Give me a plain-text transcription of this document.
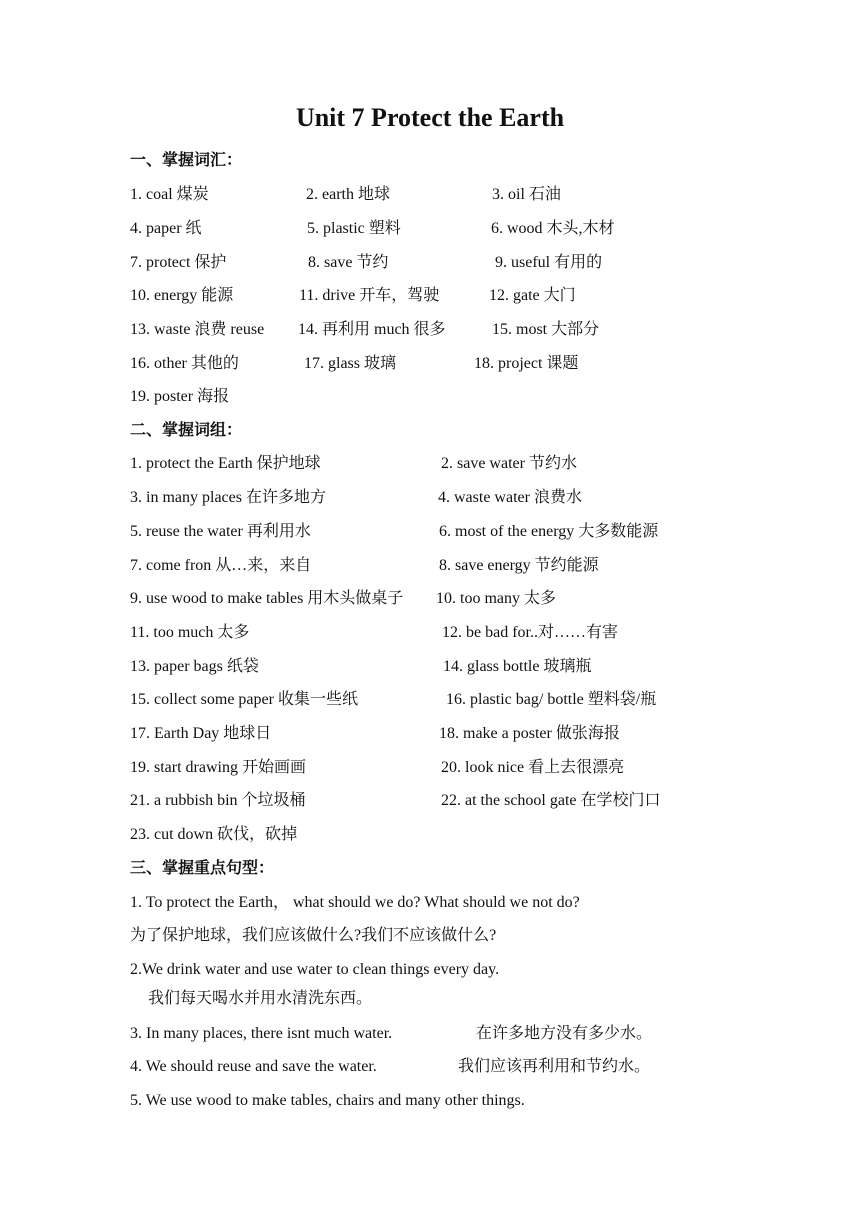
Unit 7 Protect the Earth
一、掌握词汇：
1. coal 煤炭	2. earth 地球	3. oil 石油
4. paper 纸	5. plastic 塑料	6. wood 木头,木材
7. protect 保护	8. save 节约	9. useful 有用的
10. energy 能源	11. drive 开车，驾驶	12. gate 大门
13. waste 浪费 reuse 14. 再利用 much 很多	15. most 大部分
16. other 其他的	17. glass 玻璃	18. project 课题
19. poster 海报
二、掌握词组：
1. protect the Earth 保护地球	2. save water 节约水
3. in many places 在许多地方	4. waste water 浪费水
5. reuse the water 再利用水	6. most of the energy 大多数能源
7. come fron 从…来，来自	8. save energy 节约能源
9. use wood to make tables 用木头做桌子 10. too many 太多
11. too much 太多	12. be bad for..对……有害
13. paper bags 纸袋	14. glass bottle 玻璃瓶
15. collect some paper 收集一些纸	16. plastic bag/ bottle 塑料袋/瓶
17. Earth Day 地球日	18. make a poster 做张海报
19. start drawing 开始画画	20. look nice 看上去很漂亮
21. a rubbish bin 个垃圾桶	22. at the school gate 在学校门口
23. cut down 砍伐，砍掉
三、掌握重点句型：
1. To protect the Earth， what should we do? What should we not do?
为了保护地球，我们应该做什么?我们不应该做什么?
2.We drink water and use water to clean things every day.
我们每天喝水并用水清洗东西。
3. In many places, there isnt much water.	在许多地方没有多少水。
4. We should reuse and save the water.	我们应该再利用和节约水。
5. We use wood to make tables, chairs and many other things.
